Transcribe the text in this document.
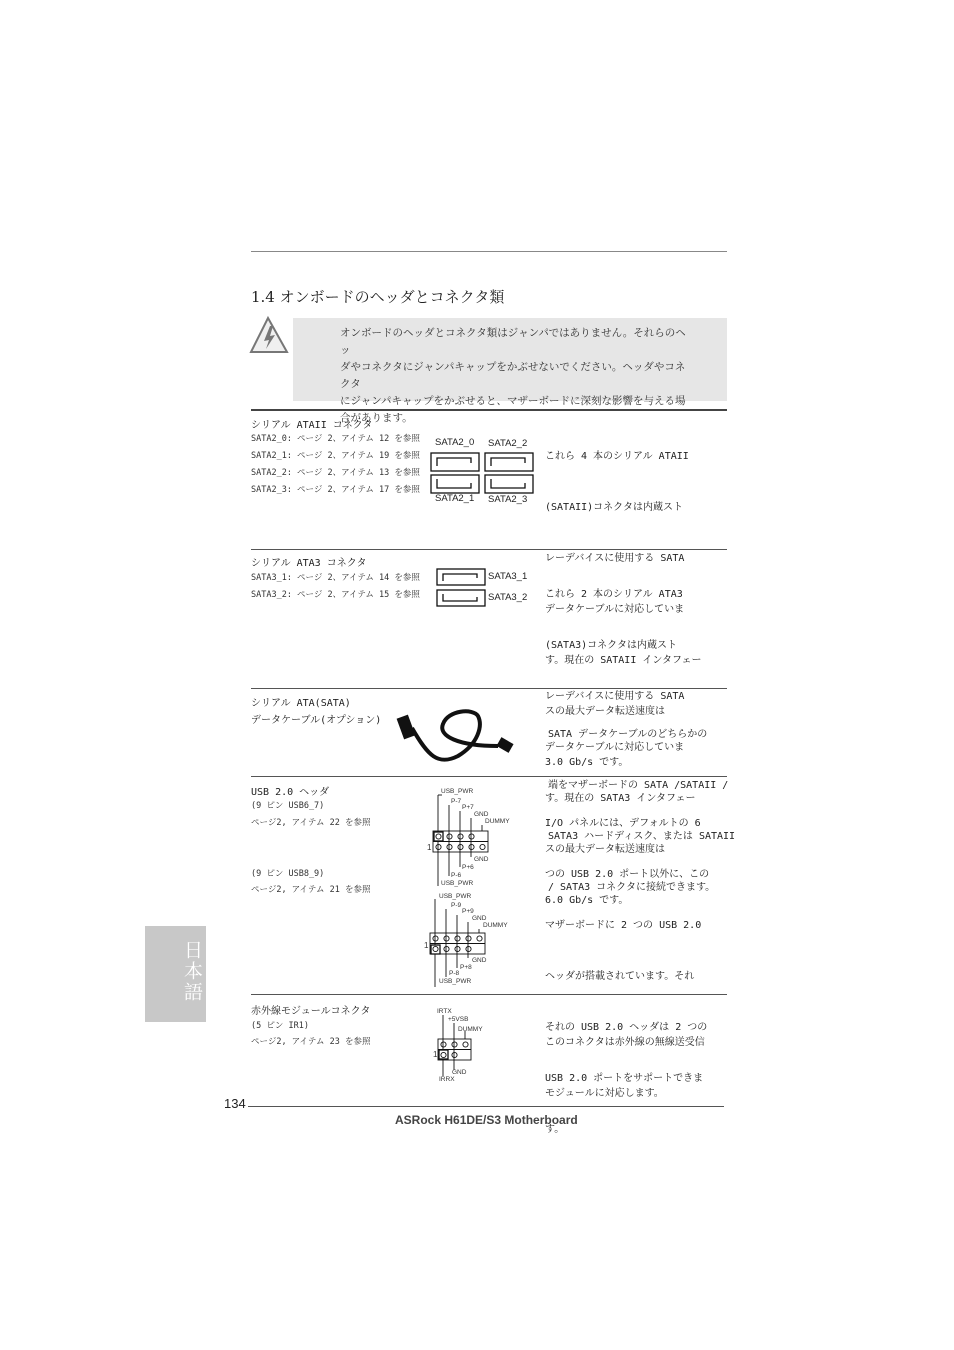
1.4 オンボードのヘッダとコネクタ類
オンボードのヘッダとコネクタ類はジャンパではありません。それらのヘッ
ダやコネクタにジャンパキャップをかぶせないでください。ヘッダやコネクタ
にジャンパキャップをかぶせると、マザーボードに深刻な影響を与える場
合があります。
シリアル ATAII コネクタ
SATA2_0: ページ 2、アイテム 12 を参照
SATA2_1: ページ 2、アイテム 19 を参照
SATA2_2: ページ 2、アイテム 13 を参照
SATA2_3: ページ 2、アイテム 17 を参照
SATA2_0 SATA2_2
SATA2_1 SATA2_3

これら 4 本のシリアル ATAII

(SATAII)コネクタは内蔵スト

レーデバイスに使用する SATA

データケーブルに対応していま

す。現在の SATAII インタフェー

スの最大データ転送速度は

3.0 Gb/s です。

シリアル ATA3 コネクタ
SATA3_1: ページ 2、アイテム 14 を参照
SATA3_2: ページ 2、アイテム 15 を参照
SATA3_1
SATA3_2

これら 2 本のシリアル ATA3

(SATA3)コネクタは内蔵スト

レーデバイスに使用する SATA

データケーブルに対応していま

す。現在の SATA3 インタフェー

スの最大データ転送速度は

6.0 Gb/s です。

シリアル ATA(SATA)
データケーブル(オプション)

SATA データケーブルのどちらかの

端をマザーボードの SATA /SATAII /

SATA3 ハードディスク、または SATAII

/ SATA3 コネクタに接続できます。

USB 2.0 ヘッダ
(9 ピン USB6_7)
ページ2, アイテム 22 を参照
(9 ピン USB8_9)
ページ2, アイテム 21 を参照
USB_PWR
P-7
P+7
GND
DUMMY
1
GND
P+6
P-6
USB_PWR
USB_PWR
P-9
P+9
GND
DUMMY
1
GND
P+8
P-8
USB_PWR

I/O パネルには、デフォルトの 6

つの USB 2.0 ポート以外に、この

マザーボードに 2 つの USB 2.0

ヘッダが搭載されています。それ

それの USB 2.0 ヘッダは 2 つの

USB 2.0 ポートをサポートできま

す。

赤外線モジュールコネクタ
(5 ピン IR1)
ページ2, アイテム 23 を参照
IRTX
+5VSB
DUMMY
1
GND
IRRX

このコネクタは赤外線の無線送受信

モジュールに対応します。

日本語
134
ASRock H61DE/S3 Motherboard
